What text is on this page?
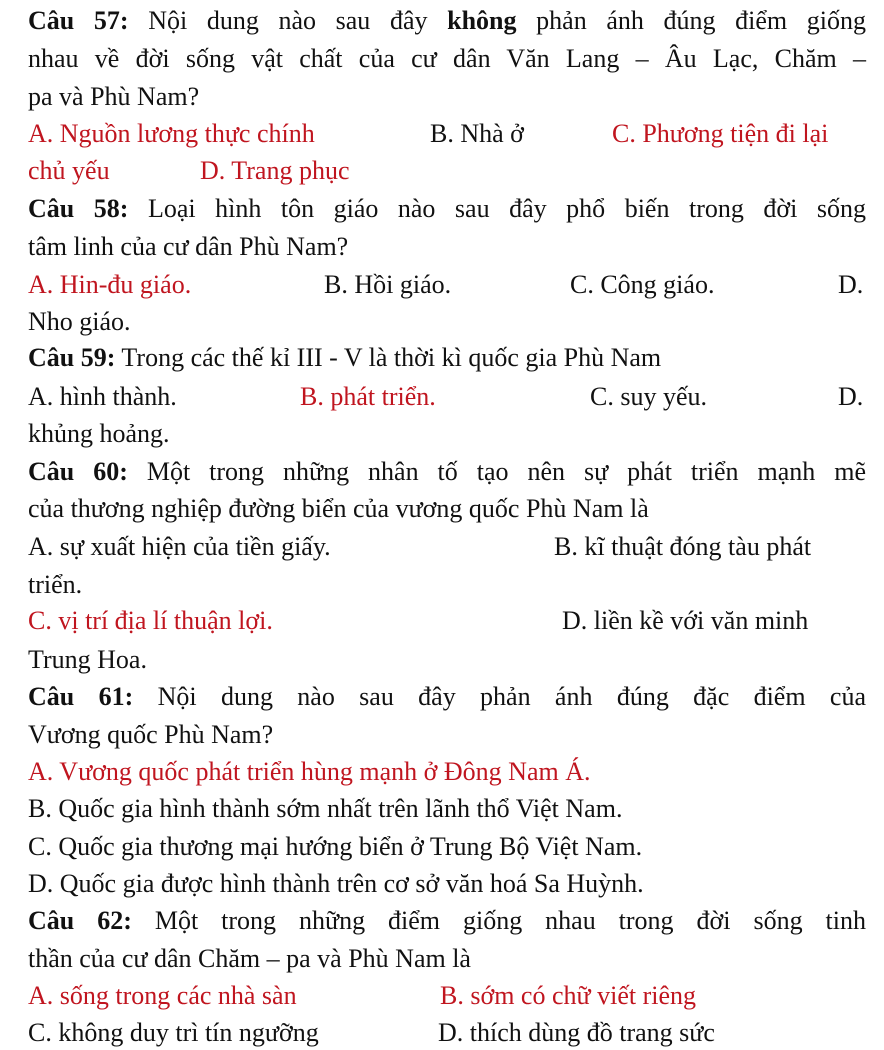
Câu 57: Nội dung nào sau đây không phản ánh đúng điểm giống
nhau về đời sống vật chất của cư dân Văn Lang – Âu Lạc, Chăm –
pa và Phù Nam?
A. Nguồn lương thực chính	B. Nhà ở	C. Phương tiện đi lại
chủ yếu	D. Trang phục
Câu 58: Loại hình tôn giáo nào sau đây phổ biến trong đời sống
tâm linh của cư dân Phù Nam?
A. Hin-đu giáo.	B. Hồi giáo.	C. Công giáo.	D.
Nho giáo.
Câu 59: Trong các thế kỉ III - V là thời kì quốc gia Phù Nam
A. hình thành.	B. phát triển.	C. suy yếu.	D.
khủng hoảng.
Câu 60: Một trong những nhân tố tạo nên sự phát triển mạnh mẽ
của thương nghiệp đường biển của vương quốc Phù Nam là
A. sự xuất hiện của tiền giấy.	B. kĩ thuật đóng tàu phát
triển.
C. vị trí địa lí thuận lợi.	D. liền kề với văn minh
Trung Hoa.
Câu 61: Nội dung nào sau đây phản ánh đúng đặc điểm của
Vương quốc Phù Nam?
A. Vương quốc phát triển hùng mạnh ở Đông Nam Á.
B. Quốc gia hình thành sớm nhất trên lãnh thổ Việt Nam.
C. Quốc gia thương mại hướng biển ở Trung Bộ Việt Nam.
D. Quốc gia được hình thành trên cơ sở văn hoá Sa Huỳnh.
Câu 62: Một trong những điểm giống nhau trong đời sống tinh
thần của cư dân Chăm – pa và Phù Nam là
A. sống trong các nhà sàn	B. sớm có chữ viết riêng
C. không duy trì tín ngưỡng	D. thích dùng đồ trang sức
